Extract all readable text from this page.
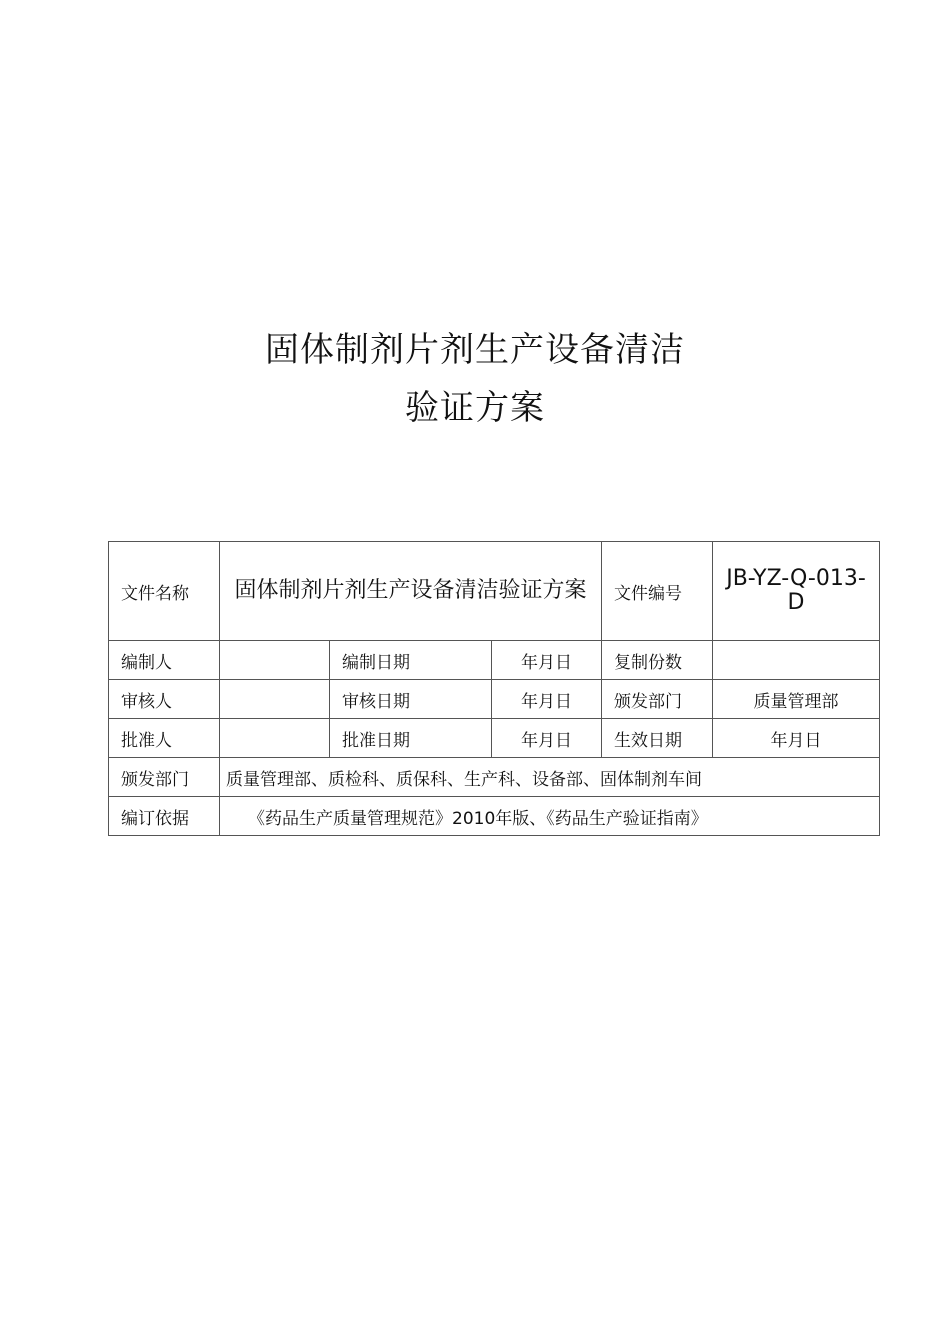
固体制剂片剂生产设备清洁
验证方案
文件名称	固体制剂片剂生产设备清洁验证方案			文件编号	JB-YZ-Q-013-D
编制人		编制日期	年月日	复制份数	
审核人		审核日期	年月日	颁发部门	质量管理部
批准人		批准日期	年月日	生效日期	年月日
颁发部门	质量管理部、质检科、质保科、生产科、设备部、固体制剂车间				
编订依据	《药品生产质量管理规范》2010年版、《药品生产验证指南》				
